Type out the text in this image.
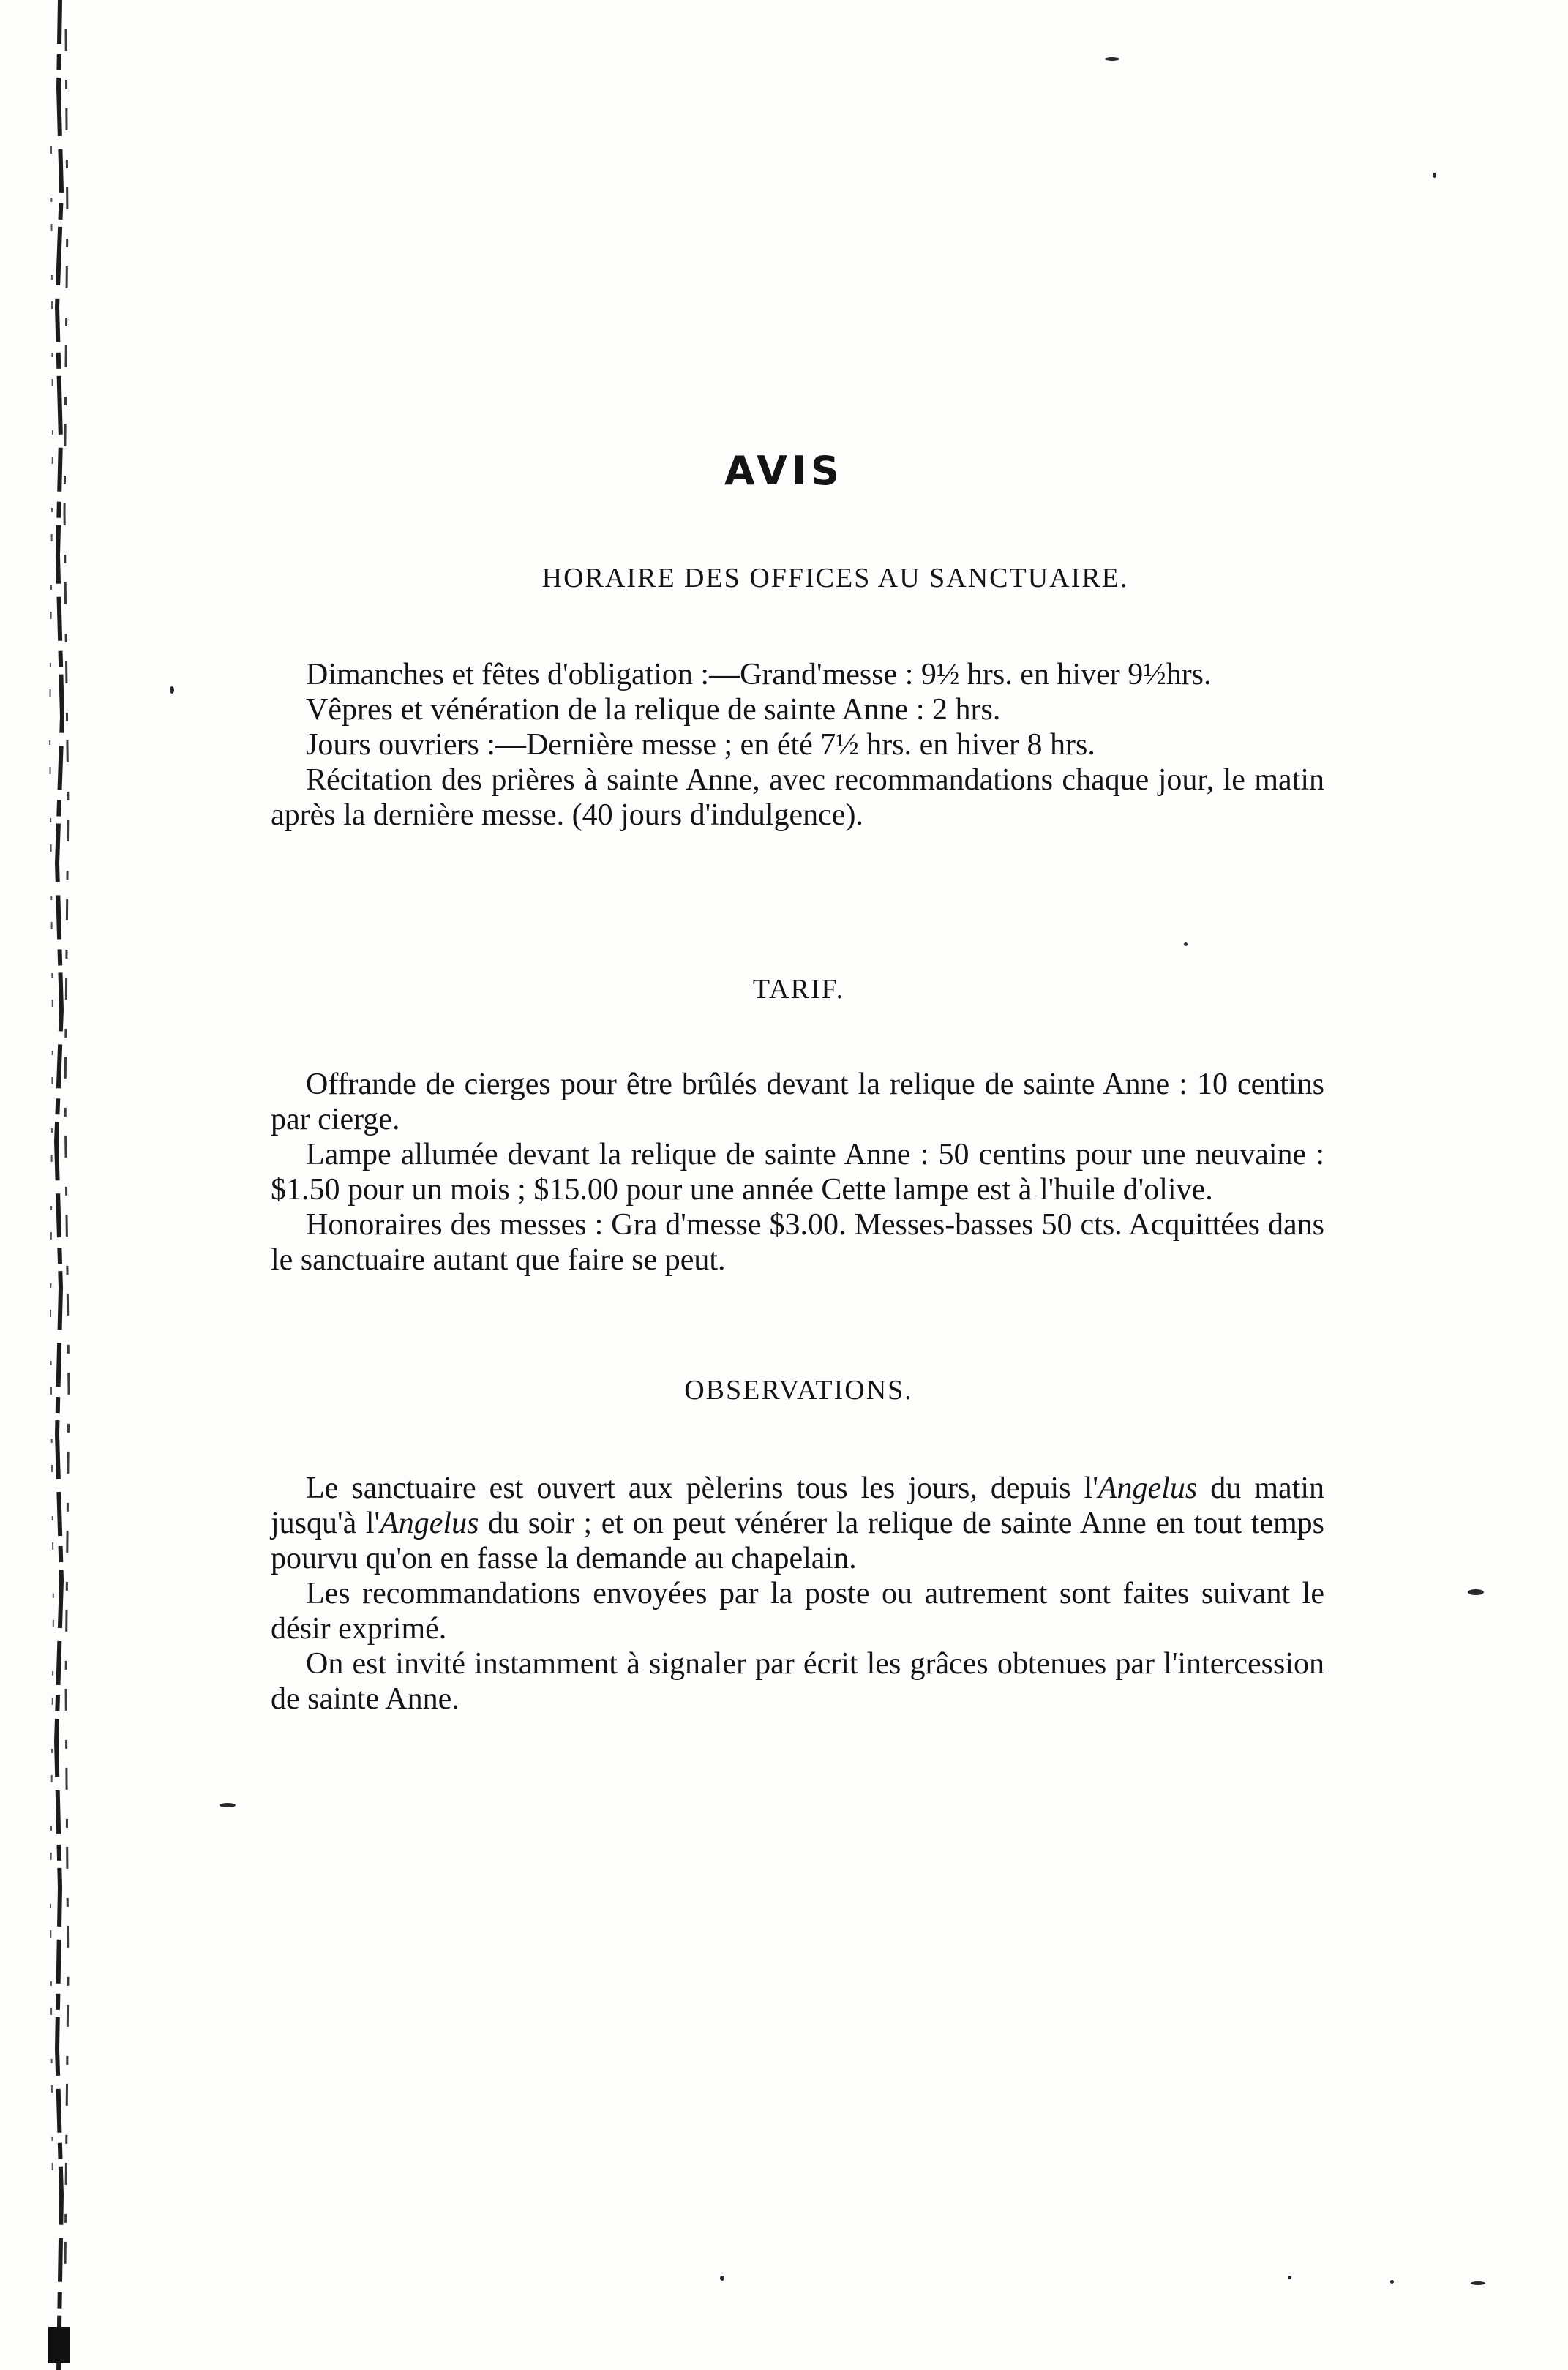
AVIS
HORAIRE DES OFFICES AU SANCTUAIRE.

Dimanches et fêtes d'obligation :—Grand'messe : 9½ hrs. en hiver 9½hrs.

Vêpres et vénération de la relique de sainte Anne : 2 hrs.

Jours ouvriers :—Dernière messe ; en été 7½ hrs. en hiver 8 hrs.

Récitation des prières à sainte Anne, avec recommandations chaque jour, le matin après la dernière messe. (40 jours d'indulgence).

TARIF.

Offrande de cierges pour être brûlés devant la relique de sainte Anne : 10 centins par cierge.

Lampe allumée devant la relique de sainte Anne : 50 centins pour une neuvaine : $1.50 pour un mois ; $15.00 pour une année Cette lampe est à l'huile d'olive.

Honoraires des messes : Gra d'messe $3.00. Messes-basses 50 cts. Acquittées dans le sanctuaire autant que faire se peut.

OBSERVATIONS.

Le sanctuaire est ouvert aux pèlerins tous les jours, depuis l'Angelus du matin jusqu'à l'Angelus du soir ; et on peut vénérer la relique de sainte Anne en tout temps pourvu qu'on en fasse la demande au chapelain.

Les recommandations envoyées par la poste ou autrement sont faites suivant le désir exprimé.

On est invité instamment à signaler par écrit les grâces obtenues par l'intercession de sainte Anne.
